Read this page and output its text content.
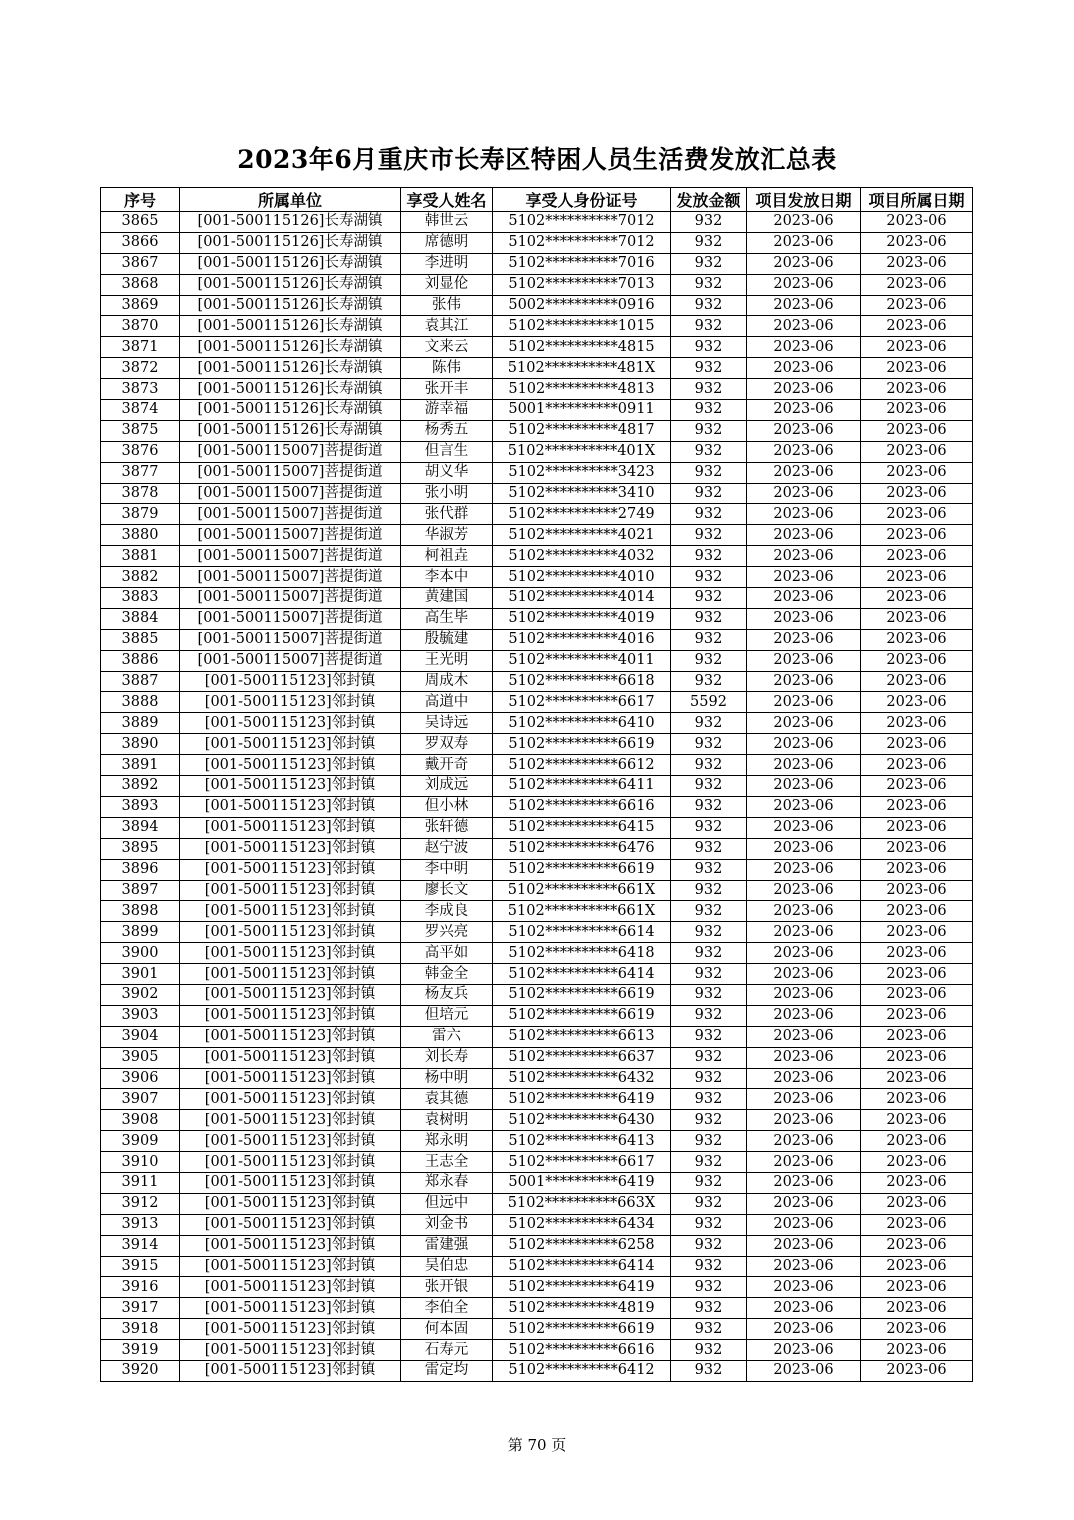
2023年6月重庆市长寿区特困人员生活费发放汇总表
序号	所属单位	享受人姓名	享受人身份证号	发放金额	项目发放日期	项目所属日期
3865	[001-500115126]长寿湖镇	韩世云	5102**********7012	932	2023-06	2023-06
3866	[001-500115126]长寿湖镇	席德明	5102**********7012	932	2023-06	2023-06
3867	[001-500115126]长寿湖镇	李进明	5102**********7016	932	2023-06	2023-06
3868	[001-500115126]长寿湖镇	刘显伦	5102**********7013	932	2023-06	2023-06
3869	[001-500115126]长寿湖镇	张伟	5002**********0916	932	2023-06	2023-06
3870	[001-500115126]长寿湖镇	袁其江	5102**********1015	932	2023-06	2023-06
3871	[001-500115126]长寿湖镇	文来云	5102**********4815	932	2023-06	2023-06
3872	[001-500115126]长寿湖镇	陈伟	5102**********481X	932	2023-06	2023-06
3873	[001-500115126]长寿湖镇	张开丰	5102**********4813	932	2023-06	2023-06
3874	[001-500115126]长寿湖镇	游幸福	5001**********0911	932	2023-06	2023-06
3875	[001-500115126]长寿湖镇	杨秀五	5102**********4817	932	2023-06	2023-06
3876	[001-500115007]菩提街道	但言生	5102**********401X	932	2023-06	2023-06
3877	[001-500115007]菩提街道	胡义华	5102**********3423	932	2023-06	2023-06
3878	[001-500115007]菩提街道	张小明	5102**********3410	932	2023-06	2023-06
3879	[001-500115007]菩提街道	张代群	5102**********2749	932	2023-06	2023-06
3880	[001-500115007]菩提街道	华淑芳	5102**********4021	932	2023-06	2023-06
3881	[001-500115007]菩提街道	柯祖垚	5102**********4032	932	2023-06	2023-06
3882	[001-500115007]菩提街道	李本中	5102**********4010	932	2023-06	2023-06
3883	[001-500115007]菩提街道	黄建国	5102**********4014	932	2023-06	2023-06
3884	[001-500115007]菩提街道	高生毕	5102**********4019	932	2023-06	2023-06
3885	[001-500115007]菩提街道	殷毓建	5102**********4016	932	2023-06	2023-06
3886	[001-500115007]菩提街道	王光明	5102**********4011	932	2023-06	2023-06
3887	[001-500115123]邻封镇	周成木	5102**********6618	932	2023-06	2023-06
3888	[001-500115123]邻封镇	高道中	5102**********6617	5592	2023-06	2023-06
3889	[001-500115123]邻封镇	吴诗远	5102**********6410	932	2023-06	2023-06
3890	[001-500115123]邻封镇	罗双寿	5102**********6619	932	2023-06	2023-06
3891	[001-500115123]邻封镇	戴开奇	5102**********6612	932	2023-06	2023-06
3892	[001-500115123]邻封镇	刘成远	5102**********6411	932	2023-06	2023-06
3893	[001-500115123]邻封镇	但小林	5102**********6616	932	2023-06	2023-06
3894	[001-500115123]邻封镇	张轩德	5102**********6415	932	2023-06	2023-06
3895	[001-500115123]邻封镇	赵宁波	5102**********6476	932	2023-06	2023-06
3896	[001-500115123]邻封镇	李中明	5102**********6619	932	2023-06	2023-06
3897	[001-500115123]邻封镇	廖长文	5102**********661X	932	2023-06	2023-06
3898	[001-500115123]邻封镇	李成良	5102**********661X	932	2023-06	2023-06
3899	[001-500115123]邻封镇	罗兴亮	5102**********6614	932	2023-06	2023-06
3900	[001-500115123]邻封镇	高平如	5102**********6418	932	2023-06	2023-06
3901	[001-500115123]邻封镇	韩金全	5102**********6414	932	2023-06	2023-06
3902	[001-500115123]邻封镇	杨友兵	5102**********6619	932	2023-06	2023-06
3903	[001-500115123]邻封镇	但培元	5102**********6619	932	2023-06	2023-06
3904	[001-500115123]邻封镇	雷六	5102**********6613	932	2023-06	2023-06
3905	[001-500115123]邻封镇	刘长寿	5102**********6637	932	2023-06	2023-06
3906	[001-500115123]邻封镇	杨中明	5102**********6432	932	2023-06	2023-06
3907	[001-500115123]邻封镇	袁其德	5102**********6419	932	2023-06	2023-06
3908	[001-500115123]邻封镇	袁树明	5102**********6430	932	2023-06	2023-06
3909	[001-500115123]邻封镇	郑永明	5102**********6413	932	2023-06	2023-06
3910	[001-500115123]邻封镇	王志全	5102**********6617	932	2023-06	2023-06
3911	[001-500115123]邻封镇	郑永春	5001**********6419	932	2023-06	2023-06
3912	[001-500115123]邻封镇	但远中	5102**********663X	932	2023-06	2023-06
3913	[001-500115123]邻封镇	刘金书	5102**********6434	932	2023-06	2023-06
3914	[001-500115123]邻封镇	雷建强	5102**********6258	932	2023-06	2023-06
3915	[001-500115123]邻封镇	吴伯忠	5102**********6414	932	2023-06	2023-06
3916	[001-500115123]邻封镇	张开银	5102**********6419	932	2023-06	2023-06
3917	[001-500115123]邻封镇	李伯全	5102**********4819	932	2023-06	2023-06
3918	[001-500115123]邻封镇	何本固	5102**********6619	932	2023-06	2023-06
3919	[001-500115123]邻封镇	石寿元	5102**********6616	932	2023-06	2023-06
3920	[001-500115123]邻封镇	雷定均	5102**********6412	932	2023-06	2023-06
第 70 页
